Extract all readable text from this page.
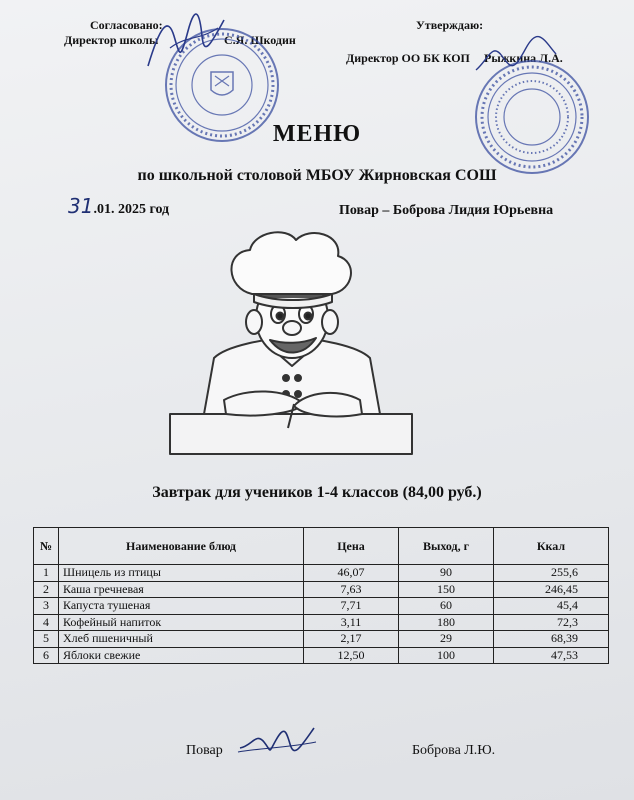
Согласовано:
Директор школы	С.Я. Шкодин
Утверждаю:
Директор ОО БК КОП Рыжкина Л.А.
МЕНЮ
по школьной столовой МБОУ Жирновская СОШ
31.01. 2025 год	Повар – Боброва Лидия Юрьевна
Завтрак для учеников 1-4 классов (84,00 руб.)
№	Наименование блюд	Цена	Выход, г	Ккал
1	Шницель из птицы	46,07	90	255,6
2	Каша гречневая	7,63	150	246,45
3	Капуста тушеная	7,71	60	45,4
4	Кофейный напиток	3,11	180	72,3
5	Хлеб пшеничный	2,17	29	68,39
6	Яблоки свежие	12,50	100	47,53
Повар	Боброва Л.Ю.
